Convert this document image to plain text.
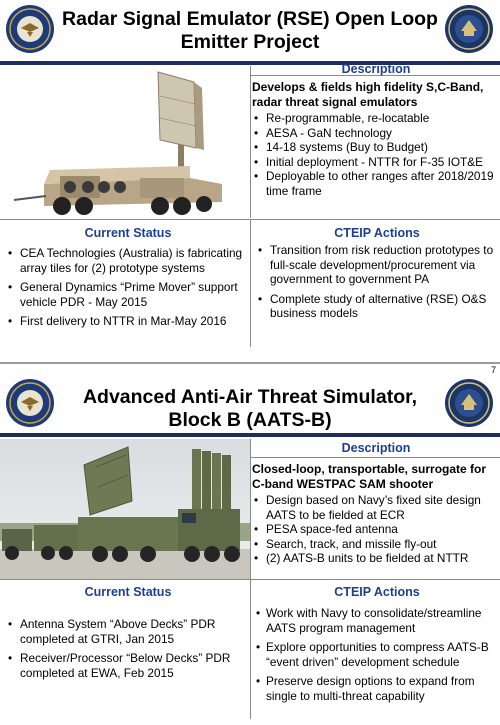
Radar Signal Emulator (RSE) Open Loop Emitter Project
Description
Develops & fields high fidelity S,C-Band, radar threat signal emulators
• Re-programmable, re-locatable
• AESA - GaN technology
• 14-18 systems (Buy to Budget)
• Initial deployment - NTTR for F-35 IOT&E
• Deployable to other ranges after 2018/2019 time frame
Current Status
• CEA Technologies (Australia) is fabricating array tiles for (2) prototype systems
• General Dynamics “Prime Mover” support vehicle PDR - May 2015
• First delivery to NTTR in Mar-May 2016
CTEIP Actions
• Transition from risk reduction prototypes to full-scale development/procurement via government to government PA
• Complete study of alternative (RSE) O&S business models
7
Advanced Anti-Air Threat Simulator, Block B (AATS-B)
Description
Closed-loop, transportable, surrogate for C-band WESTPAC SAM shooter
• Design based on Navy’s fixed site design AATS to be fielded at ECR
• PESA space-fed antenna
• Search, track, and missile fly-out
• (2) AATS-B units to be fielded at NTTR
Current Status
• Antenna System “Above Decks” PDR completed at GTRI, Jan 2015
• Receiver/Processor “Below Decks” PDR completed at EWA, Feb 2015
CTEIP Actions
• Work with Navy to consolidate/streamline AATS program management
• Explore opportunities to compress AATS-B “event driven” development schedule
• Preserve design options to expand from single to multi-threat capability
